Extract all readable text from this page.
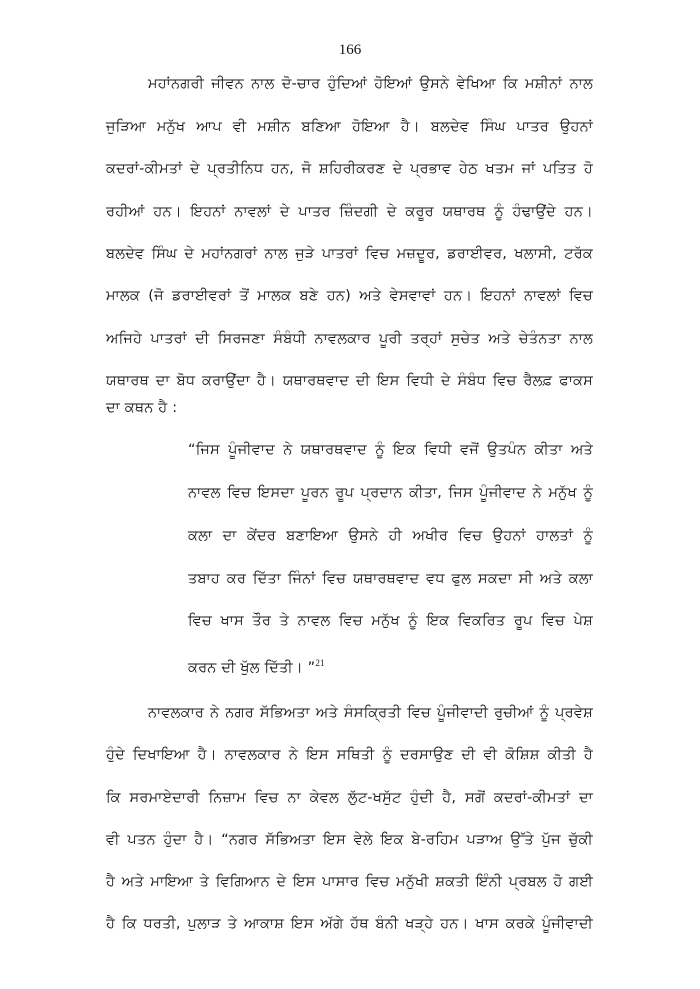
166
ਮਹਾਂਨਗਰੀ ਜੀਵਨ ਨਾਲ ਦੋ-ਚਾਰ ਹੁੰਦਿਆਂ ਹੋਇਆਂ ਉਸਨੇ ਵੇਖਿਆ ਕਿ ਮਸ਼ੀਨਾਂ ਨਾਲ
ਜੁੜਿਆ ਮਨੁੱਖ ਆਪ ਵੀ ਮਸ਼ੀਨ ਬਣਿਆ ਹੋਇਆ ਹੈ। ਬਲਦੇਵ ਸਿੰਘ ਪਾਤਰ ਉਹਨਾਂ
ਕਦਰਾਂ-ਕੀਮਤਾਂ ਦੇ ਪ੍ਰਤੀਨਿਧ ਹਨ, ਜੋ ਸ਼ਹਿਰੀਕਰਣ ਦੇ ਪ੍ਰਭਾਵ ਹੇਠ ਖਤਮ ਜਾਂ ਪਤਿਤ ਹੋ
ਰਹੀਆਂ ਹਨ। ਇਹਨਾਂ ਨਾਵਲਾਂ ਦੇ ਪਾਤਰ ਜ਼ਿੰਦਗੀ ਦੇ ਕਰੂਰ ਯਥਾਰਥ ਨੂੰ ਹੰਢਾਉਂਦੇ ਹਨ।
ਬਲਦੇਵ ਸਿੰਘ ਦੇ ਮਹਾਂਨਗਰਾਂ ਨਾਲ ਜੁੜੇ ਪਾਤਰਾਂ ਵਿਚ ਮਜ਼ਦੂਰ, ਡਰਾਈਵਰ, ਖਲਾਸੀ, ਟਰੱਕ
ਮਾਲਕ (ਜੋ ਡਰਾਈਵਰਾਂ ਤੋਂ ਮਾਲਕ ਬਣੇ ਹਨ) ਅਤੇ ਵੇਸਵਾਵਾਂ ਹਨ। ਇਹਨਾਂ ਨਾਵਲਾਂ ਵਿਚ
ਅਜਿਹੇ ਪਾਤਰਾਂ ਦੀ ਸਿਰਜਣਾ ਸੰਬੰਧੀ ਨਾਵਲਕਾਰ ਪੂਰੀ ਤਰ੍ਹਾਂ ਸੁਚੇਤ ਅਤੇ ਚੇਤੰਨਤਾ ਨਾਲ
ਯਥਾਰਥ ਦਾ ਬੋਧ ਕਰਾਉਂਦਾ ਹੈ। ਯਥਾਰਥਵਾਦ ਦੀ ਇਸ ਵਿਧੀ ਦੇ ਸੰਬੰਧ ਵਿਚ ਰੈਲਫ਼ ਫਾਕਸ
ਦਾ ਕਥਨ ਹੈ :
“ਜਿਸ ਪੂੰਜੀਵਾਦ ਨੇ ਯਥਾਰਥਵਾਦ ਨੂੰ ਇਕ ਵਿਧੀ ਵਜੋਂ ਉਤਪੰਨ ਕੀਤਾ ਅਤੇ
ਨਾਵਲ ਵਿਚ ਇਸਦਾ ਪੂਰਨ ਰੂਪ ਪ੍ਰਦਾਨ ਕੀਤਾ, ਜਿਸ ਪੂੰਜੀਵਾਦ ਨੇ ਮਨੁੱਖ ਨੂੰ
ਕਲਾ ਦਾ ਕੇਂਦਰ ਬਣਾਇਆ ਉਸਨੇ ਹੀ ਅਖੀਰ ਵਿਚ ਉਹਨਾਂ ਹਾਲਤਾਂ ਨੂੰ
ਤਬਾਹ ਕਰ ਦਿੱਤਾ ਜਿੰਨਾਂ ਵਿਚ ਯਥਾਰਥਵਾਦ ਵਧ ਫੁਲ ਸਕਦਾ ਸੀ ਅਤੇ ਕਲਾ
ਵਿਚ ਖਾਸ ਤੌਰ ਤੇ ਨਾਵਲ ਵਿਚ ਮਨੁੱਖ ਨੂੰ ਇਕ ਵਿਕਰਿਤ ਰੂਪ ਵਿਚ ਪੇਸ਼
ਕਰਨ ਦੀ ਖੁੱਲ ਦਿੱਤੀ। ”$^{21}$
ਨਾਵਲਕਾਰ ਨੇ ਨਗਰ ਸੱਭਿਅਤਾ ਅਤੇ ਸੰਸਕ੍ਰਿਤੀ ਵਿਚ ਪੂੰਜੀਵਾਦੀ ਰੁਚੀਆਂ ਨੂੰ ਪ੍ਰਵੇਸ਼
ਹੁੰਦੇ ਦਿਖਾਇਆ ਹੈ। ਨਾਵਲਕਾਰ ਨੇ ਇਸ ਸਥਿਤੀ ਨੂੰ ਦਰਸਾਉਣ ਦੀ ਵੀ ਕੋਸ਼ਿਸ਼ ਕੀਤੀ ਹੈ
ਕਿ ਸਰਮਾਏਦਾਰੀ ਨਿਜ਼ਾਮ ਵਿਚ ਨਾ ਕੇਵਲ ਲੁੱਟ-ਖਸੁੱਟ ਹੁੰਦੀ ਹੈ, ਸਗੋਂ ਕਦਰਾਂ-ਕੀਮਤਾਂ ਦਾ
ਵੀ ਪਤਨ ਹੁੰਦਾ ਹੈ। “ਨਗਰ ਸੱਭਿਅਤਾ ਇਸ ਵੇਲੇ ਇਕ ਬੇ-ਰਹਿਮ ਪੜਾਅ ਉੱਤੇ ਪੁੱਜ ਚੁੱਕੀ
ਹੈ ਅਤੇ ਮਾਇਆ ਤੇ ਵਿਗਿਆਨ ਦੇ ਇਸ ਪਾਸਾਰ ਵਿਚ ਮਨੁੱਖੀ ਸ਼ਕਤੀ ਇੰਨੀ ਪ੍ਰਬਲ ਹੋ ਗਈ
ਹੈ ਕਿ ਧਰਤੀ, ਪੁਲਾੜ ਤੇ ਆਕਾਸ਼ ਇਸ ਅੱਗੇ ਹੱਥ ਬੰਨੀ ਖੜ੍ਹੇ ਹਨ। ਖਾਸ ਕਰਕੇ ਪੂੰਜੀਵਾਦੀ
